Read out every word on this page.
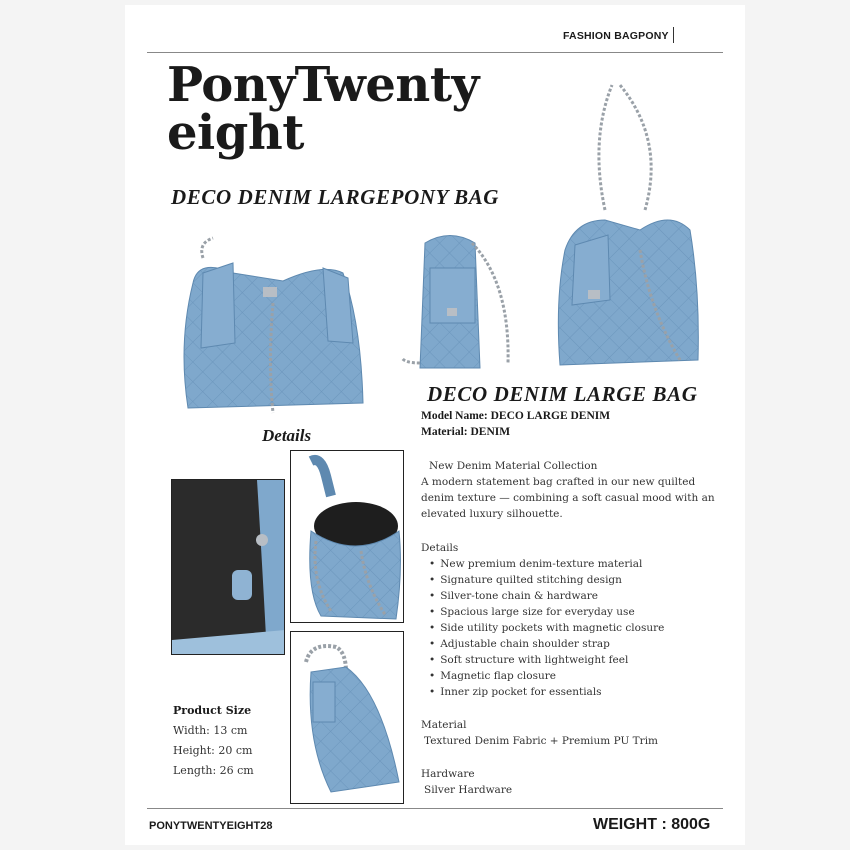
FASHION BAGPONY
PonyTwenty
eight
DECO DENIM LARGEPONY BAG
DECO DENIM LARGE BAG
Model Name: DECO LARGE DENIM
Material: DENIM
Details
New Denim Material Collection
A modern statement bag crafted in our new quilted denim texture — combining a soft casual mood with an elevated luxury silhouette.
Details
• New premium denim-texture material
• Signature quilted stitching design
• Silver-tone chain & hardware
• Spacious large size for everyday use
• Side utility pockets with magnetic closure
• Adjustable chain shoulder strap
• Soft structure with lightweight feel
• Magnetic flap closure
• Inner zip pocket for essentials
Material
Textured Denim Fabric + Premium PU Trim
Hardware
Silver Hardware
Product Size
Width: 13 cm
Height: 20 cm
Length: 26 cm
PONYTWENTYEIGHT28	WEIGHT : 800G
